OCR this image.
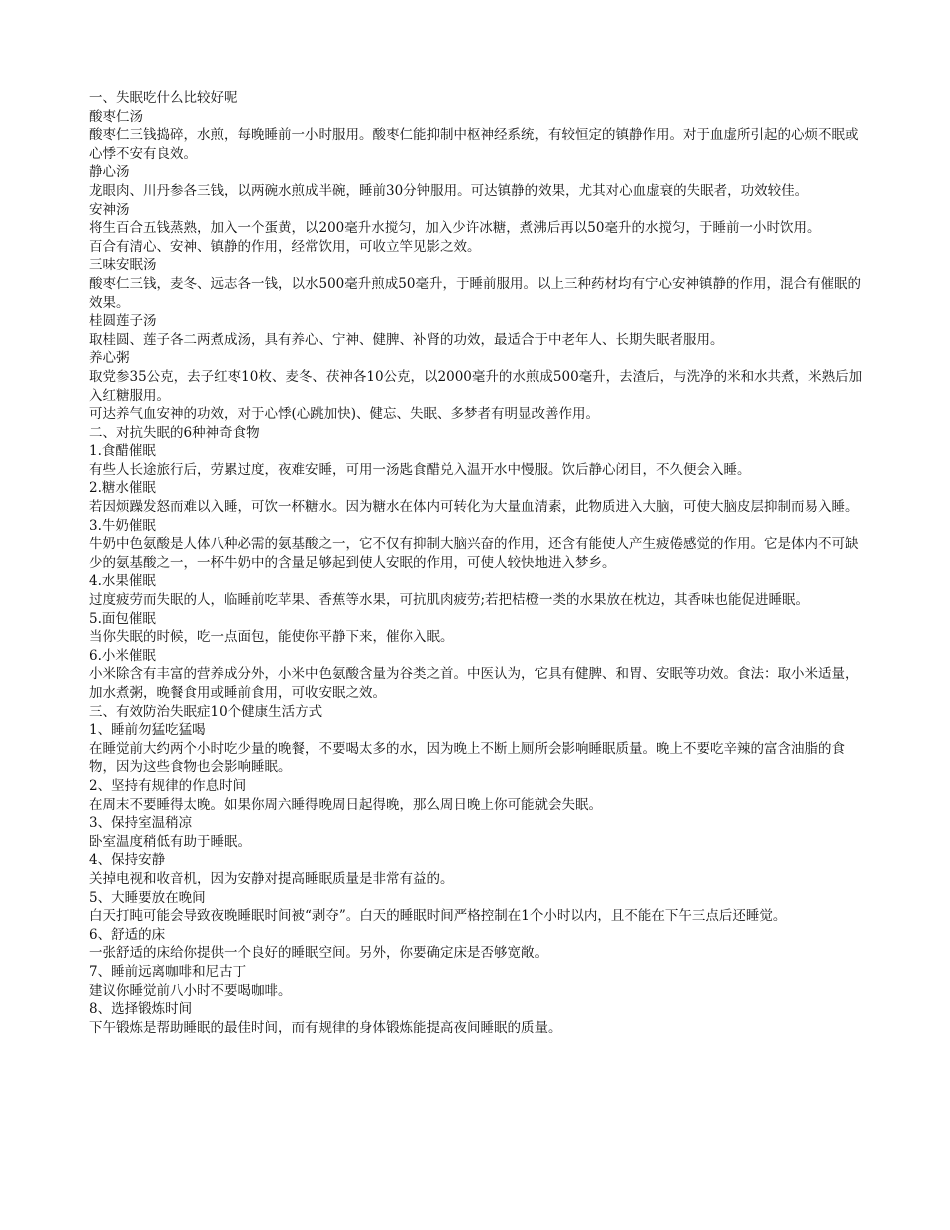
一、失眠吃什么比较好呢

酸枣仁汤

酸枣仁三钱捣碎，水煎，每晚睡前一小时服用。酸枣仁能抑制中枢神经系统，有较恒定的镇静作用。对于血虚所引起的心烦不眠或心悸不安有良效。

静心汤

龙眼肉、川丹参各三钱，以两碗水煎成半碗，睡前30分钟服用。可达镇静的效果，尤其对心血虚衰的失眠者，功效较佳。

安神汤

将生百合五钱蒸熟，加入一个蛋黄，以200毫升水搅匀，加入少许冰糖，煮沸后再以50毫升的水搅匀，于睡前一小时饮用。

百合有清心、安神、镇静的作用，经常饮用，可收立竿见影之效。

三味安眠汤

酸枣仁三钱，麦冬、远志各一钱，以水500毫升煎成50毫升，于睡前服用。以上三种药材均有宁心安神镇静的作用，混合有催眠的效果。

桂圆莲子汤

取桂圆、莲子各二两煮成汤，具有养心、宁神、健脾、补肾的功效，最适合于中老年人、长期失眠者服用。

养心粥

取党参35公克，去子红枣10枚、麦冬、茯神各10公克，以2000毫升的水煎成500毫升，去渣后，与洗净的米和水共煮，米熟后加入红糖服用。

可达养气血安神的功效，对于心悸(心跳加快)、健忘、失眠、多梦者有明显改善作用。

二、对抗失眠的6种神奇食物

1.食醋催眠

有些人长途旅行后，劳累过度，夜难安睡，可用一汤匙食醋兑入温开水中慢服。饮后静心闭目，不久便会入睡。

2.糖水催眠

若因烦躁发怒而难以入睡，可饮一杯糖水。因为糖水在体内可转化为大量血清素，此物质进入大脑，可使大脑皮层抑制而易入睡。

3.牛奶催眠

牛奶中色氨酸是人体八种必需的氨基酸之一，它不仅有抑制大脑兴奋的作用，还含有能使人产生疲倦感觉的作用。它是体内不可缺少的氨基酸之一，一杯牛奶中的含量足够起到使人安眠的作用，可使人较快地进入梦乡。

4.水果催眠

过度疲劳而失眠的人，临睡前吃苹果、香蕉等水果，可抗肌肉疲劳;若把桔橙一类的水果放在枕边，其香味也能促进睡眠。

5.面包催眠

当你失眠的时候，吃一点面包，能使你平静下来，催你入眠。

6.小米催眠

小米除含有丰富的营养成分外，小米中色氨酸含量为谷类之首。中医认为，它具有健脾、和胃、安眠等功效。食法：取小米适量，加水煮粥，晚餐食用或睡前食用，可收安眠之效。

三、有效防治失眠症10个健康生活方式

1、睡前勿猛吃猛喝

在睡觉前大约两个小时吃少量的晚餐，不要喝太多的水，因为晚上不断上厕所会影响睡眠质量。晚上不要吃辛辣的富含油脂的食物，因为这些食物也会影响睡眠。

2、坚持有规律的作息时间

在周末不要睡得太晚。如果你周六睡得晚周日起得晚，那么周日晚上你可能就会失眠。

3、保持室温稍凉

卧室温度稍低有助于睡眠。

4、保持安静

关掉电视和收音机，因为安静对提高睡眠质量是非常有益的。

5、大睡要放在晚间

白天打盹可能会导致夜晚睡眠时间被“剥夺”。白天的睡眠时间严格控制在1个小时以内，且不能在下午三点后还睡觉。

6、舒适的床

一张舒适的床给你提供一个良好的睡眠空间。另外，你要确定床是否够宽敞。

7、睡前远离咖啡和尼古丁

建议你睡觉前八小时不要喝咖啡。

8、选择锻炼时间

下午锻炼是帮助睡眠的最佳时间，而有规律的身体锻炼能提高夜间睡眠的质量。
